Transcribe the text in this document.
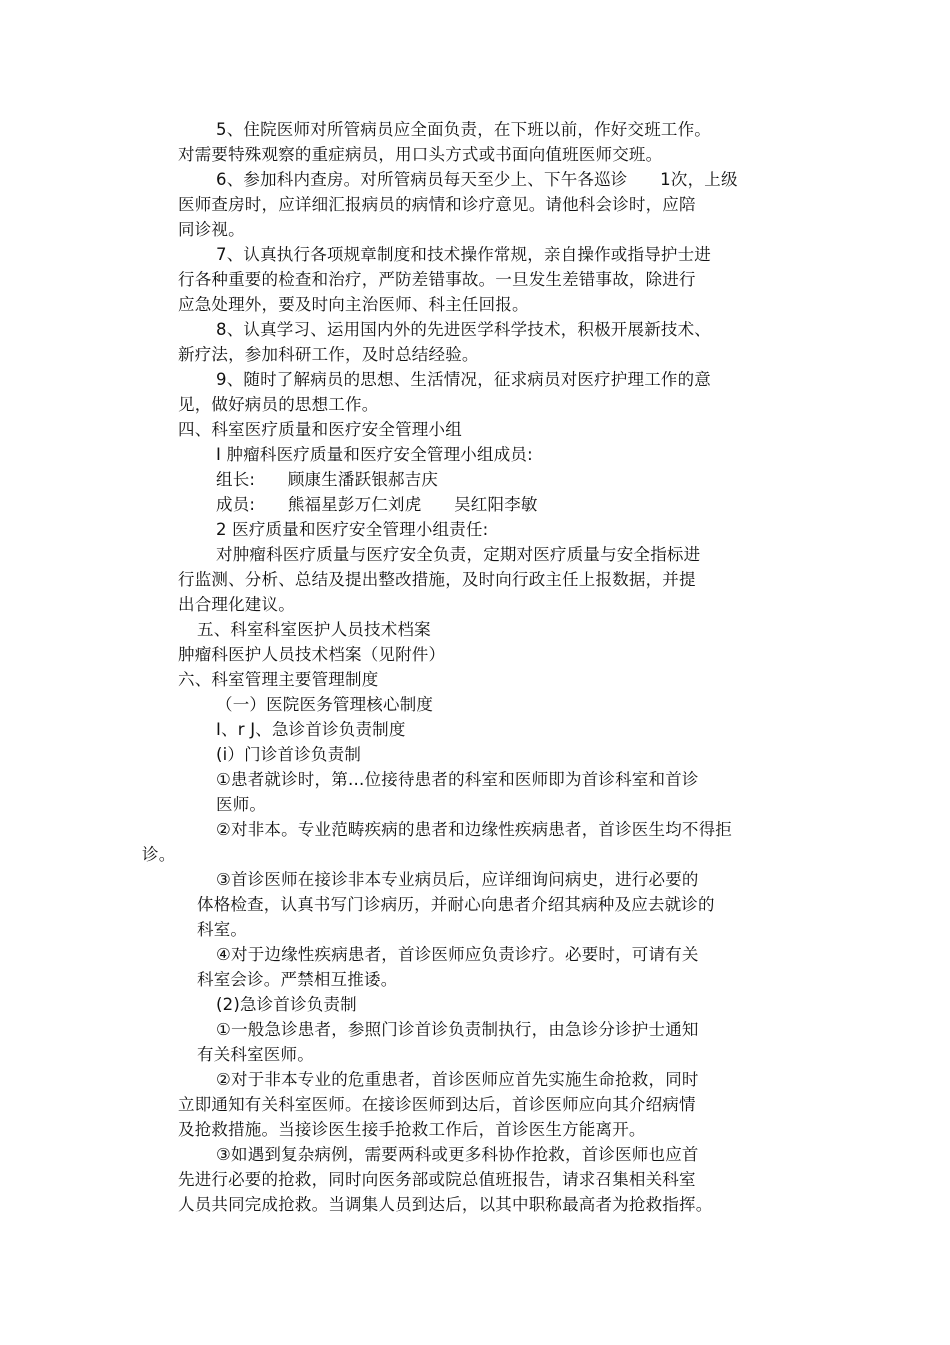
5、住院医师对所管病员应全面负责，在下班以前，作好交班工作。
对需要特殊观察的重症病员，用口头方式或书面向值班医师交班。
6、参加科内查房。对所管病员每天至少上、下午各巡诊      1次，上级
医师查房时，应详细汇报病员的病情和诊疗意见。请他科会诊时，应陪
同诊视。
7、认真执行各项规章制度和技术操作常规，亲自操作或指导护士进
行各种重要的检查和治疗，严防差错事故。一旦发生差错事故，除进行
应急处理外，要及时向主治医师、科主任回报。
8、认真学习、运用国内外的先进医学科学技术，积极开展新技术、
新疗法，参加科研工作，及时总结经验。
9、随时了解病员的思想、生活情况，征求病员对医疗护理工作的意
见，做好病员的思想工作。
四、科室医疗质量和医疗安全管理小组
I 肿瘤科医疗质量和医疗安全管理小组成员:
组长:      顾康生潘跃银郝吉庆
成员:      熊福星彭万仁刘虎      吴红阳李敏
2 医疗质量和医疗安全管理小组责任:
对肿瘤科医疗质量与医疗安全负责，定期对医疗质量与安全指标进
行监测、分析、总结及提出整改措施，及时向行政主任上报数据，并提
出合理化建议。
五、科室科室医护人员技术档案
肿瘤科医护人员技术档案（见附件）
六、科室管理主要管理制度
（一）医院医务管理核心制度
I、r J、急诊首诊负责制度
(i）门诊首诊负责制
①患者就诊时，第…位接待患者的科室和医师即为首诊科室和首诊
医师。
②对非本。专业范畴疾病的患者和边缘性疾病患者，首诊医生均不得拒
诊。
③首诊医师在接诊非本专业病员后，应详细询问病史，进行必要的
体格检查，认真书写门诊病历，并耐心向患者介绍其病种及应去就诊的
科室。
④对于边缘性疾病患者，首诊医师应负责诊疗。必要时，可请有关
科室会诊。严禁相互推诿。
(2)急诊首诊负责制
①一般急诊患者，参照门诊首诊负责制执行，由急诊分诊护士通知
有关科室医师。
②对于非本专业的危重患者，首诊医师应首先实施生命抢救，同时
立即通知有关科室医师。在接诊医师到达后，首诊医师应向其介绍病情
及抢救措施。当接诊医生接手抢救工作后，首诊医生方能离开。
③如遇到复杂病例，需要两科或更多科协作抢救，首诊医师也应首
先进行必要的抢救，同时向医务部或院总值班报告，请求召集相关科室
人员共同完成抢救。当调集人员到达后，以其中职称最高者为抢救指挥。
